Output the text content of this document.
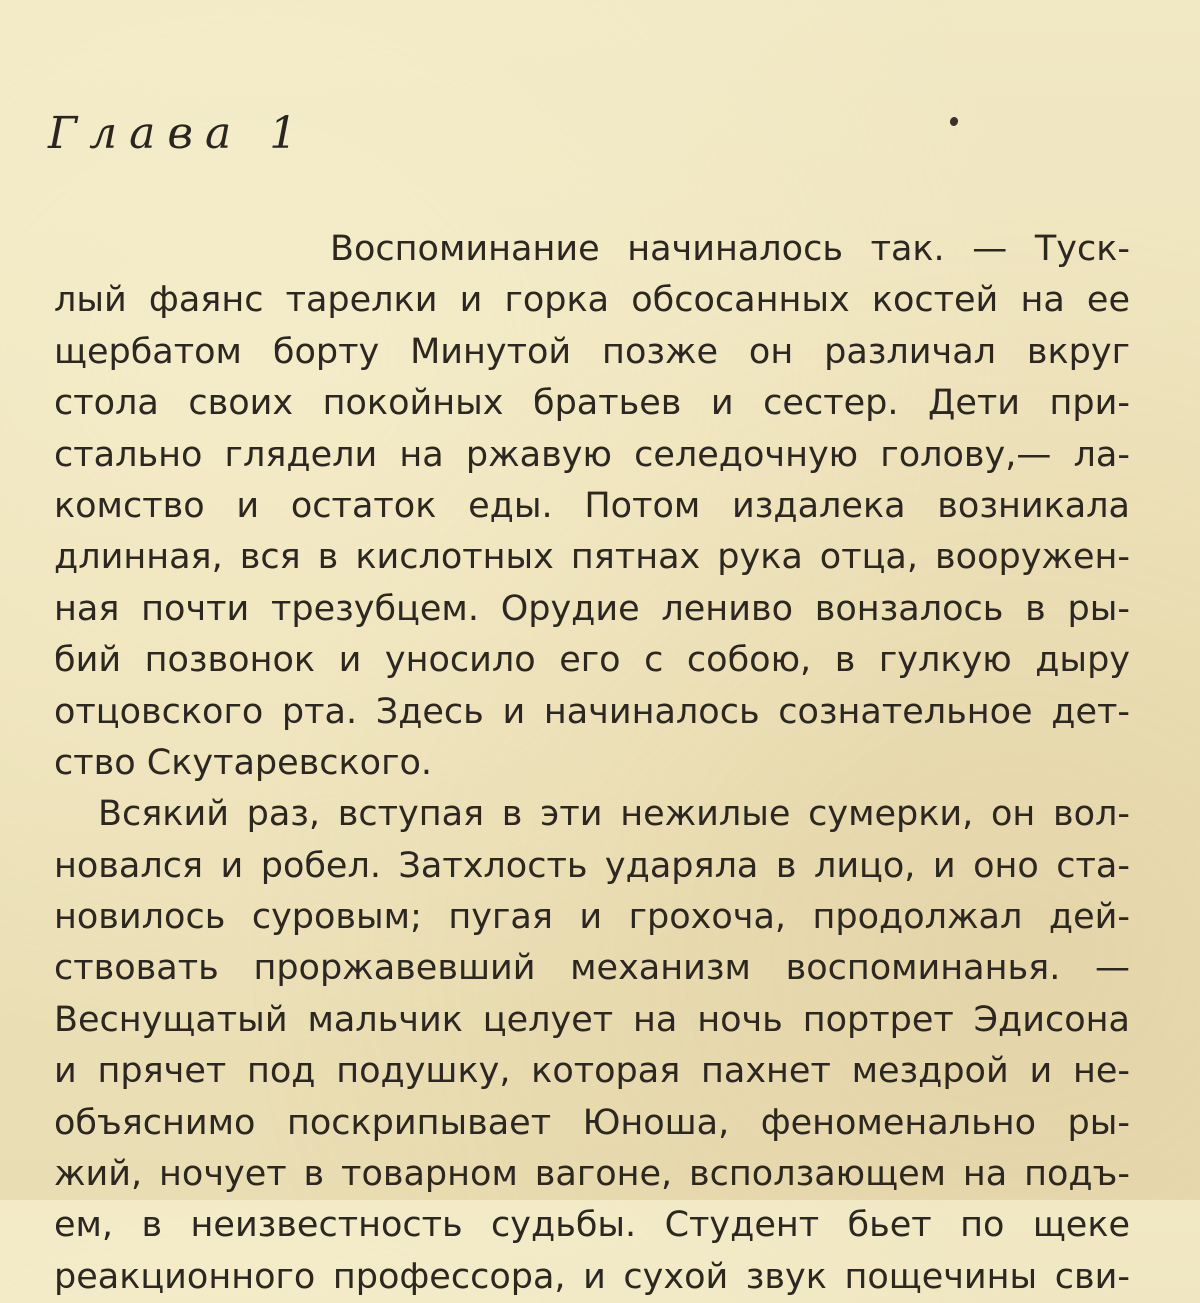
Глава 1
Воспоминание начиналось так. — Туск-
лый фаянс тарелки и горка обсосанных костей на ее
щербатом борту Минутой позже он различал вкруг
стола своих покойных братьев и сестер. Дети при-
стально глядели на ржавую селедочную голову,— ла-
комство и остаток еды. Потом издалека возникала
длинная, вся в кислотных пятнах рука отца, вооружен-
ная почти трезубцем. Орудие лениво вонзалось в ры-
бий позвонок и уносило его с собою, в гулкую дыру
отцовского рта. Здесь и начиналось сознательное дет-
ство Скутаревского.
Всякий раз, вступая в эти нежилые сумерки, он вол-
новался и робел. Затхлость ударяла в лицо, и оно ста-
новилось суровым; пугая и грохоча, продолжал дей-
ствовать проржавевший механизм воспоминанья. —
Веснущатый мальчик целует на ночь портрет Эдисона
и прячет под подушку, которая пахнет мездрой и не-
объяснимо поскрипывает Юноша, феноменально ры-
жий, ночует в товарном вагоне, всползающем на подъ-
ем, в неизвестность судьбы. Студент бьет по щеке
реакционного профессора, и сухой звук пощечины сви-
